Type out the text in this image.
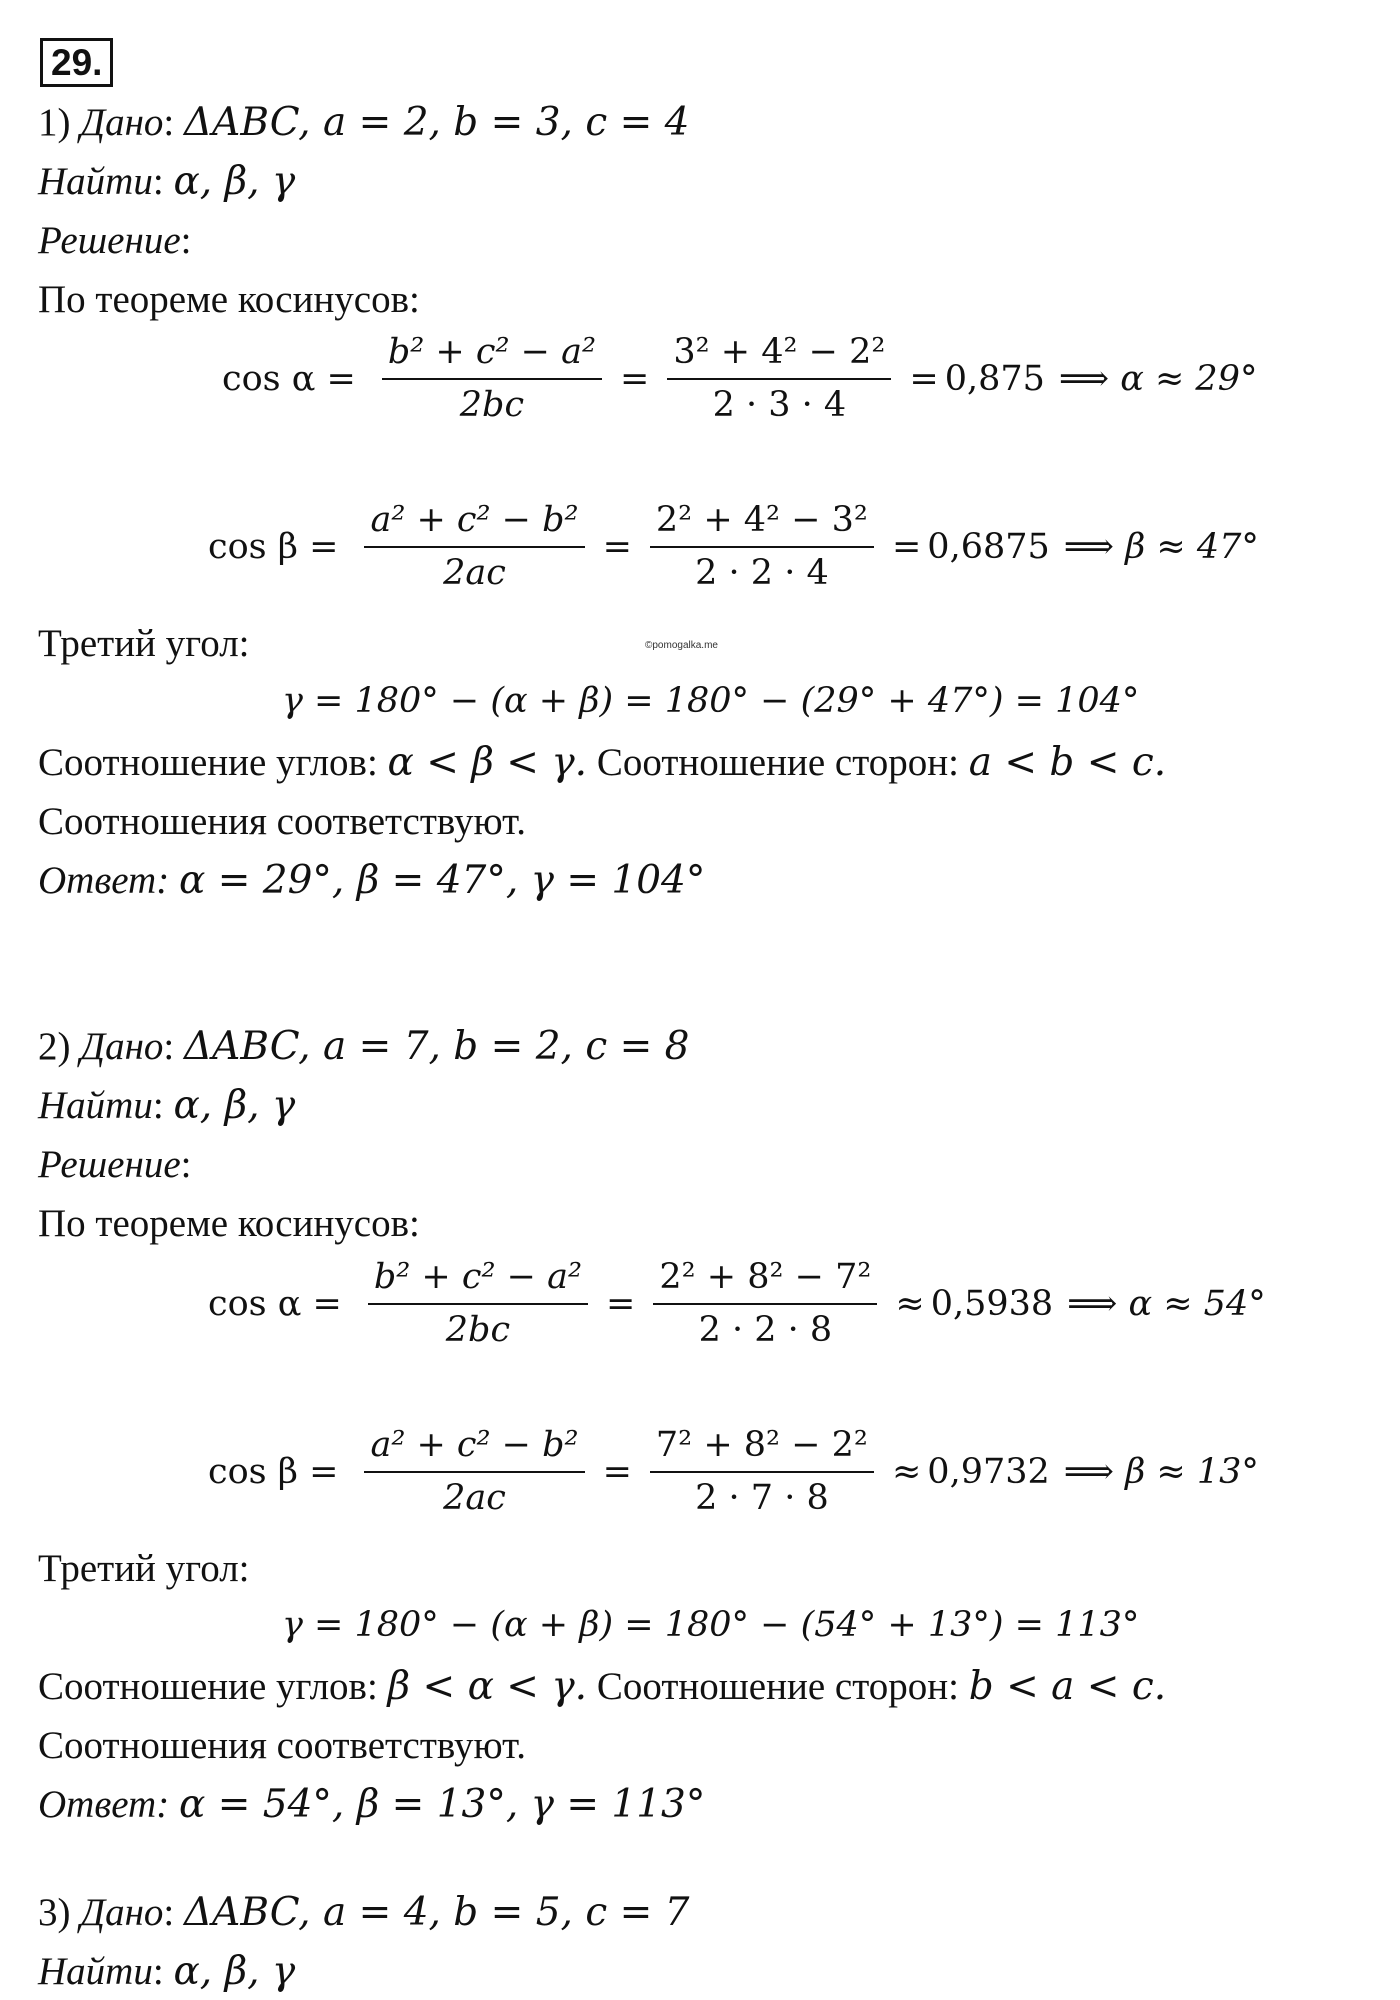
29.
1) Дано: ΔABC, a = 2, b = 3, c = 4
Найти: α, β, γ
Решение:
По теореме косинусов:
$\cos \alpha = \frac{\text{b² + c² − a²}}{2bc} = \frac{\text{3² + 4² − 2²}}{2 \cdot 3 \cdot 4} = 0,875$ ⟹ α ≈ 29°
$\cos \beta = \frac{\text{a² + c² − b²}}{2ac} = \frac{\text{2² + 4² − 3²}}{2 \cdot 2 \cdot 4} = 0,6875$ ⟹ β ≈ 47°
Третий угол:	©pomogalka.me
γ = 180° − (α + β) = 180° − (29° + 47°) = 104°
Соотношение углов: α < β < γ. Соотношение сторон: a < b < c.
Соотношения соответствуют.
Ответ: α = 29°, β = 47°, γ = 104°
2) Дано: ΔABC, a = 7, b = 2, c = 8
Найти: α, β, γ
Решение:
По теореме косинусов:
$\cos \alpha = \frac{\text{b² + c² − a²}}{2bc} = \frac{\text{2² + 8² − 7²}}{2 \cdot 2 \cdot 8} \approx 0,5938$ ⟹ α ≈ 54°
$\cos \beta = \frac{\text{a² + c² − b²}}{2ac} = \frac{\text{7² + 8² − 2²}}{2 \cdot 7 \cdot 8} \approx 0,9732$ ⟹ β ≈ 13°
Третий угол:
γ = 180° − (α + β) = 180° − (54° + 13°) = 113°
Соотношение углов: β < α < γ. Соотношение сторон: b < a < c.
Соотношения соответствуют.
Ответ: α = 54°, β = 13°, γ = 113°
3) Дано: ΔABC, a = 4, b = 5, c = 7
Найти: α, β, γ
